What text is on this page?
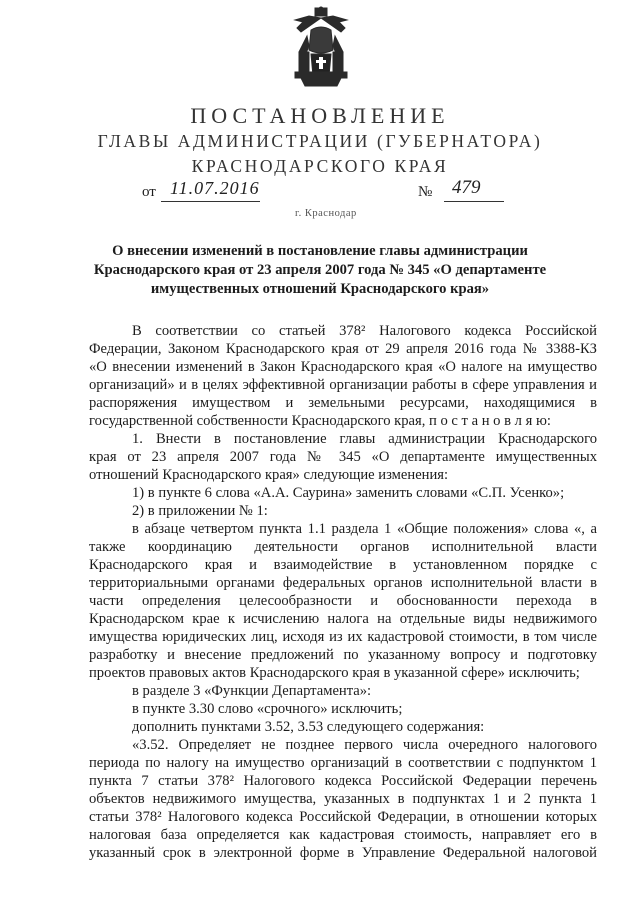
ПОСТАНОВЛЕНИЕ
ГЛАВЫ АДМИНИСТРАЦИИ (ГУБЕРНАТОРА)
КРАСНОДАРСКОГО КРАЯ
от 11.07.2016	№ 479
г. Краснодар
О внесении изменений в постановление главы администрации
Краснодарского края от 23 апреля 2007 года № 345 «О департаменте
имущественных отношений Краснодарского края»
В соответствии со статьей 378² Налогового кодекса Российской
Федерации, Законом Краснодарского края от 29 апреля 2016 года № 3388-КЗ
«О внесении изменений в Закон Краснодарского края «О налоге на имущество
организаций» и в целях эффективной организации работы в сфере управления и
распоряжения имуществом и земельными ресурсами, находящимися в
государственной собственности Краснодарского края, п о с т а н о в л я ю:
1. Внести в постановление главы администрации Краснодарского
края от 23 апреля 2007 года № 345 «О департаменте имущественных
отношений Краснодарского края» следующие изменения:
1) в пункте 6 слова «А.А. Саурина» заменить словами «С.П. Усенко»;
2) в приложении № 1:
в абзаце четвертом пункта 1.1 раздела 1 «Общие положения» слова «, а
также координацию деятельности органов исполнительной власти
Краснодарского края и взаимодействие в установленном порядке с
территориальными органами федеральных органов исполнительной власти в
части определения целесообразности и обоснованности перехода в
Краснодарском крае к исчислению налога на отдельные виды недвижимого
имущества юридических лиц, исходя из их кадастровой стоимости, в том числе
разработку и внесение предложений по указанному вопросу и подготовку
проектов правовых актов Краснодарского края в указанной сфере» исключить;
в разделе 3 «Функции Департамента»:
в пункте 3.30 слово «срочного» исключить;
дополнить пунктами 3.52, 3.53 следующего содержания:
«3.52. Определяет не позднее первого числа очередного налогового
периода по налогу на имущество организаций в соответствии с подпунктом 1
пункта 7 статьи 378² Налогового кодекса Российской Федерации перечень
объектов недвижимого имущества, указанных в подпунктах 1 и 2 пункта 1
статьи 378² Налогового кодекса Российской Федерации, в отношении которых
налоговая база определяется как кадастровая стоимость, направляет его в
указанный срок в электронной форме в Управление Федеральной налоговой
